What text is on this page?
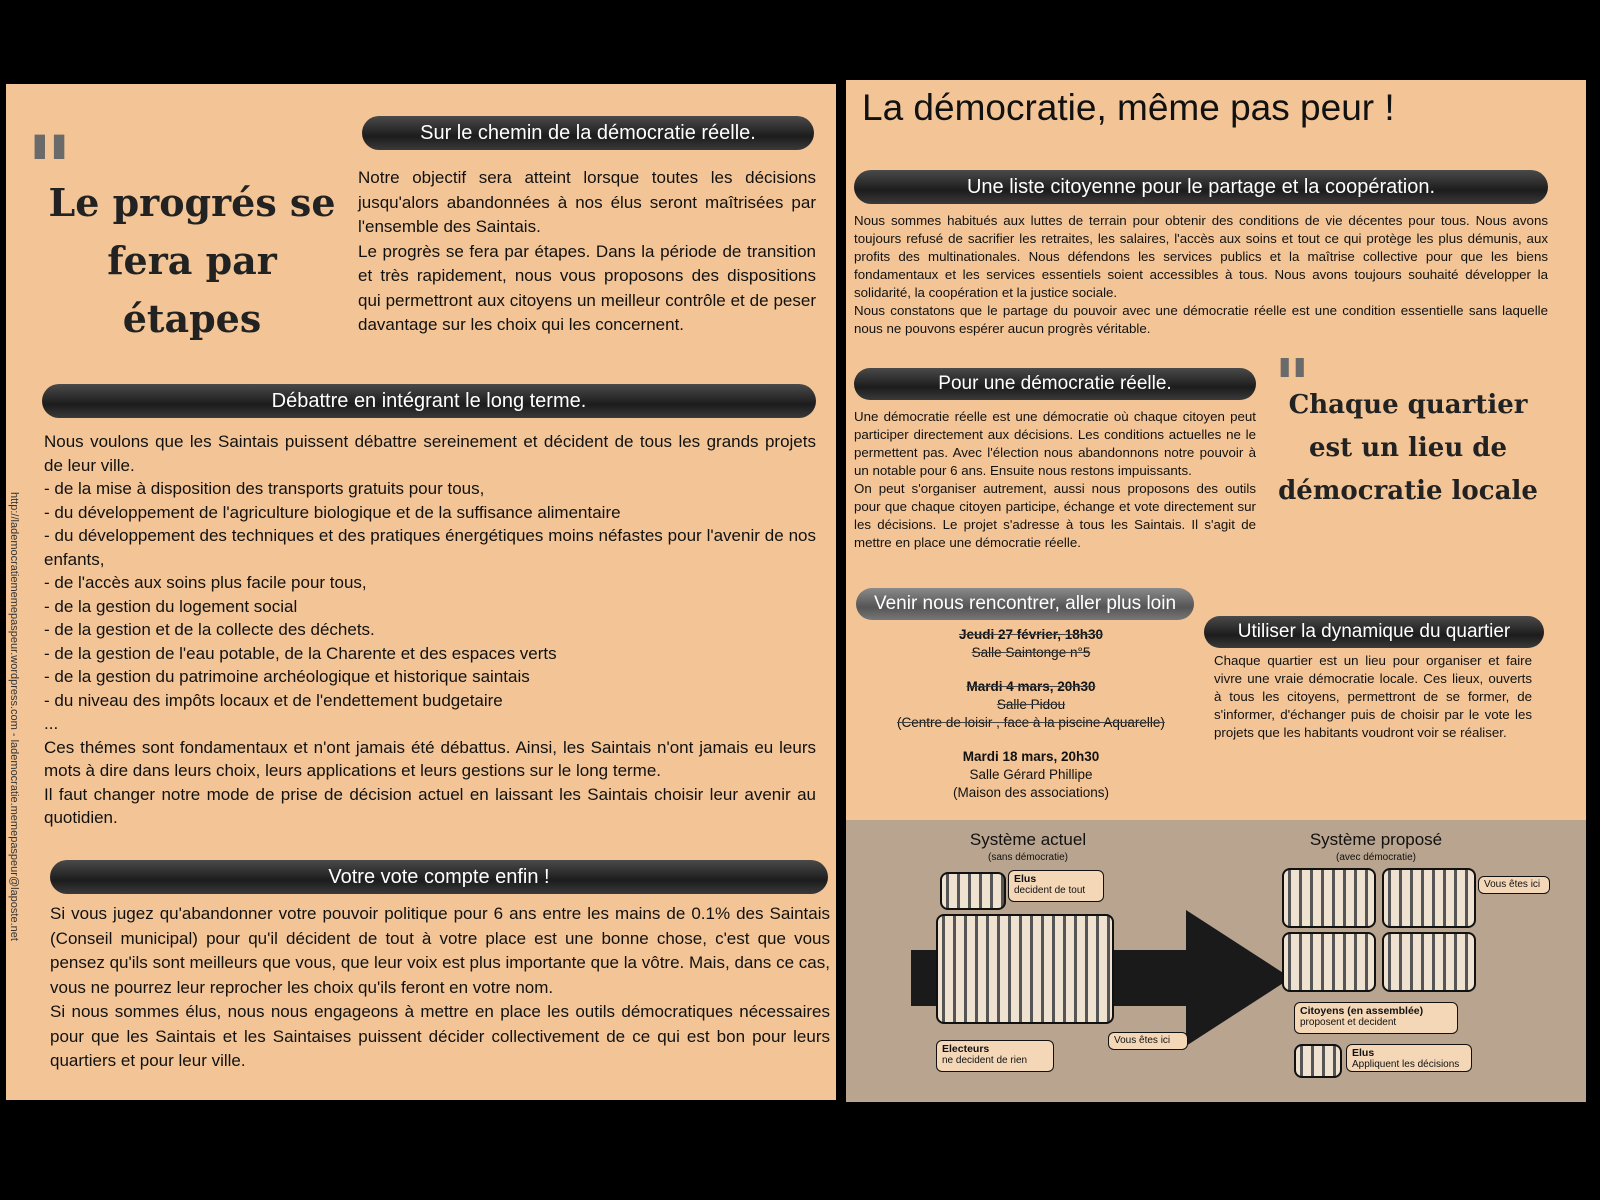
"
Le progrés se fera par étapes
Sur le chemin de la démocratie réelle.

Notre objectif sera atteint lorsque toutes les décisions jusqu'alors abandonnées à nos élus seront maîtrisées par l'ensemble des Saintais.

Le progrès se fera par étapes. Dans la période de transition et très rapidement, nous vous proposons des dispositions qui permettront aux citoyens un meilleur contrôle et de peser davantage sur les choix qui les concernent.

Débattre en intégrant le long terme.

Nous voulons que les Saintais puissent débattre sereinement et décident de tous les grands projets de leur ville.

- de la mise à disposition des transports gratuits pour tous,

- du développement de l'agriculture biologique et de la suffisance alimentaire

- du développement des techniques et des pratiques énergétiques moins néfastes pour l'avenir de nos enfants,

- de l'accès aux soins plus facile pour tous,

- de la gestion du logement social

- de la gestion et de la collecte des déchets.

- de la gestion de l'eau potable, de la Charente et des espaces verts

- de la gestion du patrimoine archéologique et historique saintais

- du niveau des impôts locaux et de l'endettement budgetaire

...

Ces thémes sont fondamentaux et n'ont jamais été débattus. Ainsi, les Saintais n'ont jamais eu leurs mots à dire dans leurs choix, leurs applications et leurs gestions sur le long terme.

Il faut changer notre mode de prise de décision actuel en laissant les Saintais choisir leur avenir au quotidien.

Votre vote compte enfin !

Si vous jugez qu'abandonner votre pouvoir politique pour 6 ans entre les mains de 0.1% des Saintais (Conseil municipal) pour qu'il décident de tout à votre place est une bonne chose, c'est que vous pensez qu'ils sont meilleurs que vous, que leur voix est plus importante que la vôtre. Mais, dans ce cas, vous ne pourrez leur reprocher les choix qu'ils feront en votre nom.

Si nous sommes élus, nous nous engageons à mettre en place les outils démocratiques nécessaires pour que les Saintais et les Saintaises puissent décider collectivement de ce qui est bon pour leurs quartiers et pour leur ville.

http://lademocratiememepaspeur.wordpress.com - lademocratie.memepaspeur@laposte.net
La démocratie, même pas peur !
Une liste citoyenne pour le partage et la coopération.

Nous sommes habitués aux luttes de terrain pour obtenir des conditions de vie décentes pour tous. Nous avons toujours refusé de sacrifier les retraites, les salaires, l'accès aux soins et tout ce qui protège les plus démunis, aux profits des multinationales. Nous défendons les services publics et la maîtrise collective pour que les biens fondamentaux et les services essentiels soient accessibles à tous. Nous avons toujours souhaité développer la solidarité, la coopération et la justice sociale.

Nous constatons que le partage du pouvoir avec une démocratie réelle est une condition essentielle sans laquelle nous ne pouvons espérer aucun progrès véritable.

Pour une démocratie réelle.

Une démocratie réelle est une démocratie où chaque citoyen peut participer directement aux décisions. Les conditions actuelles ne le permettent pas. Avec l'élection nous abandonnons notre pouvoir à un notable pour 6 ans. Ensuite nous restons impuissants.

On peut s'organiser autrement, aussi nous proposons des outils pour que chaque citoyen participe, échange et vote directement sur les décisions. Le projet s'adresse à tous les Saintais. Il s'agit de mettre en place une démocratie réelle.

"
Chaque quartier est un lieu de démocratie locale
Venir nous rencontrer, aller plus loin
Jeudi 27 février, 18h30
Salle Saintonge n°5
Mardi 4 mars, 20h30
Salle Pidou
(Centre de loisir , face à la piscine Aquarelle)
Mardi 18 mars, 20h30
Salle Gérard Phillipe
(Maison des associations)
Utiliser la dynamique du quartier

Chaque quartier est un lieu pour organiser et faire vivre une vraie démocratie locale. Ces lieux, ouverts à tous les citoyens, permettront de se former, de s'informer, d'échanger puis de choisir par le vote les projets que les habitants voudront voir se réaliser.

Système actuel
(sans démocratie)
Système proposé
(avec démocratie)
Elus
decident de tout
Electeurs
ne decident de rien
Vous êtes ici
Vous êtes ici
Citoyens (en assemblée)
proposent et decident
Elus
Appliquent les décisions
